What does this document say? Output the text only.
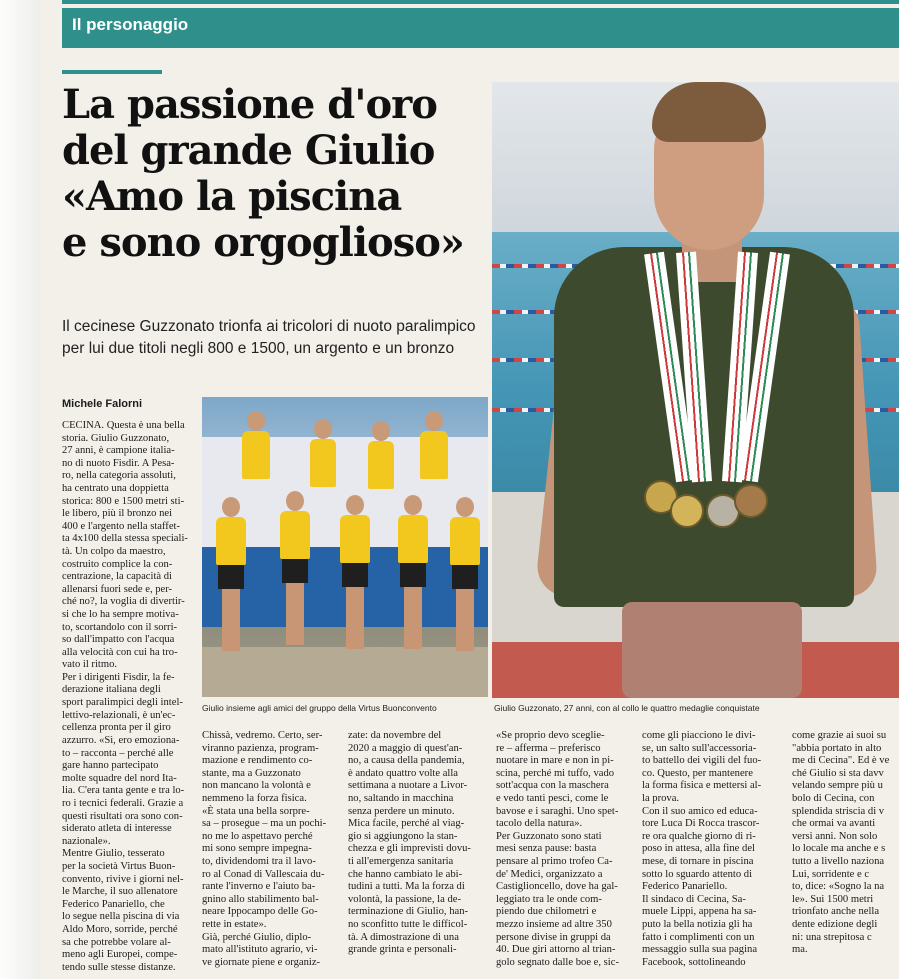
Il personaggio
La passione d'oro
del grande Giulio
«Amo la piscina
e sono orgoglioso»
Il cecinese Guzzonato trionfa ai tricolori di nuoto paralimpico
per lui due titoli negli 800 e 1500, un argento e un bronzo
Michele Falorni
Giulio insieme agli amici del gruppo della Virtus Buonconvento	Giulio Guzzonato, 27 anni, con al collo le quattro medaglie conquistate
CECINA. Questa è una bella
storia. Giulio Guzzonato,
27 anni, è campione italia-
no di nuoto Fisdir. A Pesa-
ro, nella categoria assoluti,
ha centrato una doppietta
storica: 800 e 1500 metri sti-
le libero, più il bronzo nei
400 e l'argento nella staffet-
ta 4x100 della stessa speciali-
tà. Un colpo da maestro,
costruito complice la con-
centrazione, la capacità di
allenarsi fuori sede e, per-
ché no?, la voglia di divertir-
si che lo ha sempre motiva-
to, scortandolo con il sorri-
so dall'impatto con l'acqua
alla velocità con cui ha tro-
vato il ritmo.
Per i dirigenti Fisdir, la fe-
derazione italiana degli
sport paralimpici degli intel-
lettivo-relazionali, è un'ec-
cellenza pronta per il giro
azzurro. «Sì, ero emoziona-
to – racconta – perché alle
gare hanno partecipato
molte squadre del nord Ita-
lia. C'era tanta gente e tra lo-
ro i tecnici federali. Grazie a
questi risultati ora sono con-
siderato atleta di interesse
nazionale».
Mentre Giulio, tesserato
per la società Virtus Buon-
convento, rivive i giorni nel-
le Marche, il suo allenatore
Federico Panariello, che
lo segue nella piscina di via
Aldo Moro, sorride, perché
sa che potrebbe volare al-
meno agli Europei, compe-
tendo sulle stesse distanze.
Chissà, vedremo. Certo, ser-
viranno pazienza, program-
mazione e rendimento co-
stante, ma a Guzzonato
non mancano la volontà e
nemmeno la forza fisica.
«È stata una bella sorpre-
sa – prosegue – ma un pochi-
no me lo aspettavo perché
mi sono sempre impegna-
to, dividendomi tra il lavo-
ro al Conad di Vallescaia du-
rante l'inverno e l'aiuto ba-
gnino allo stabilimento bal-
neare Ippocampo delle Go-
rette in estate».
Già, perché Giulio, diplo-
mato all'istituto agrario, vi-
ve giornate piene e organiz-
zate: da novembre del
2020 a maggio di quest'an-
no, a causa della pandemia,
è andato quattro volte alla
settimana a nuotare a Livor-
no, saltando in macchina
senza perdere un minuto.
Mica facile, perché al viag-
gio si aggiungono la stan-
chezza e gli imprevisti dovu-
ti all'emergenza sanitaria
che hanno cambiato le abi-
tudini a tutti. Ma la forza di
volontà, la passione, la de-
terminazione di Giulio, han-
no sconfitto tutte le difficol-
tà. A dimostrazione di una
grande grinta e personali-
«Se proprio devo sceglie-
re – afferma – preferisco
nuotare in mare e non in pi-
scina, perché mi tuffo, vado
sott'acqua con la maschera
e vedo tanti pesci, come le
bavose e i saraghi. Uno spet-
tacolo della natura».
Per Guzzonato sono stati
mesi senza pause: basta
pensare al primo trofeo Ca-
de' Medici, organizzato a
Castiglioncello, dove ha gal-
leggiato tra le onde com-
piendo due chilometri e
mezzo insieme ad altre 350
persone divise in gruppi da
40. Due giri attorno al trian-
golo segnato dalle boe e, sic-
come gli piacciono le divi-
se, un salto sull'accessoria-
to battello dei vigili del fuo-
co. Questo, per mantenere
la forma fisica e mettersi al-
la prova.
Con il suo amico ed educa-
tore Luca Di Rocca trascor-
re ora qualche giorno di ri-
poso in attesa, alla fine del
mese, di tornare in piscina
sotto lo sguardo attento di
Federico Panariello.
Il sindaco di Cecina, Sa-
muele Lippi, appena ha sa-
puto la bella notizia gli ha
fatto i complimenti con un
messaggio sulla sua pagina
Facebook, sottolineando
come grazie ai suoi su
"abbia portato in alto
me di Cecina". Ed è ve
ché Giulio si sta davv
velando sempre più u
bolo di Cecina, con
splendida striscia di v
che ormai va avanti
versi anni. Non solo
lo locale ma anche e s
tutto a livello naziona
Lui, sorridente e c
to, dice: «Sogno la na
le». Sui 1500 metri
trionfato anche nella
dente edizione degli
ni: una strepitosa c
ma.
